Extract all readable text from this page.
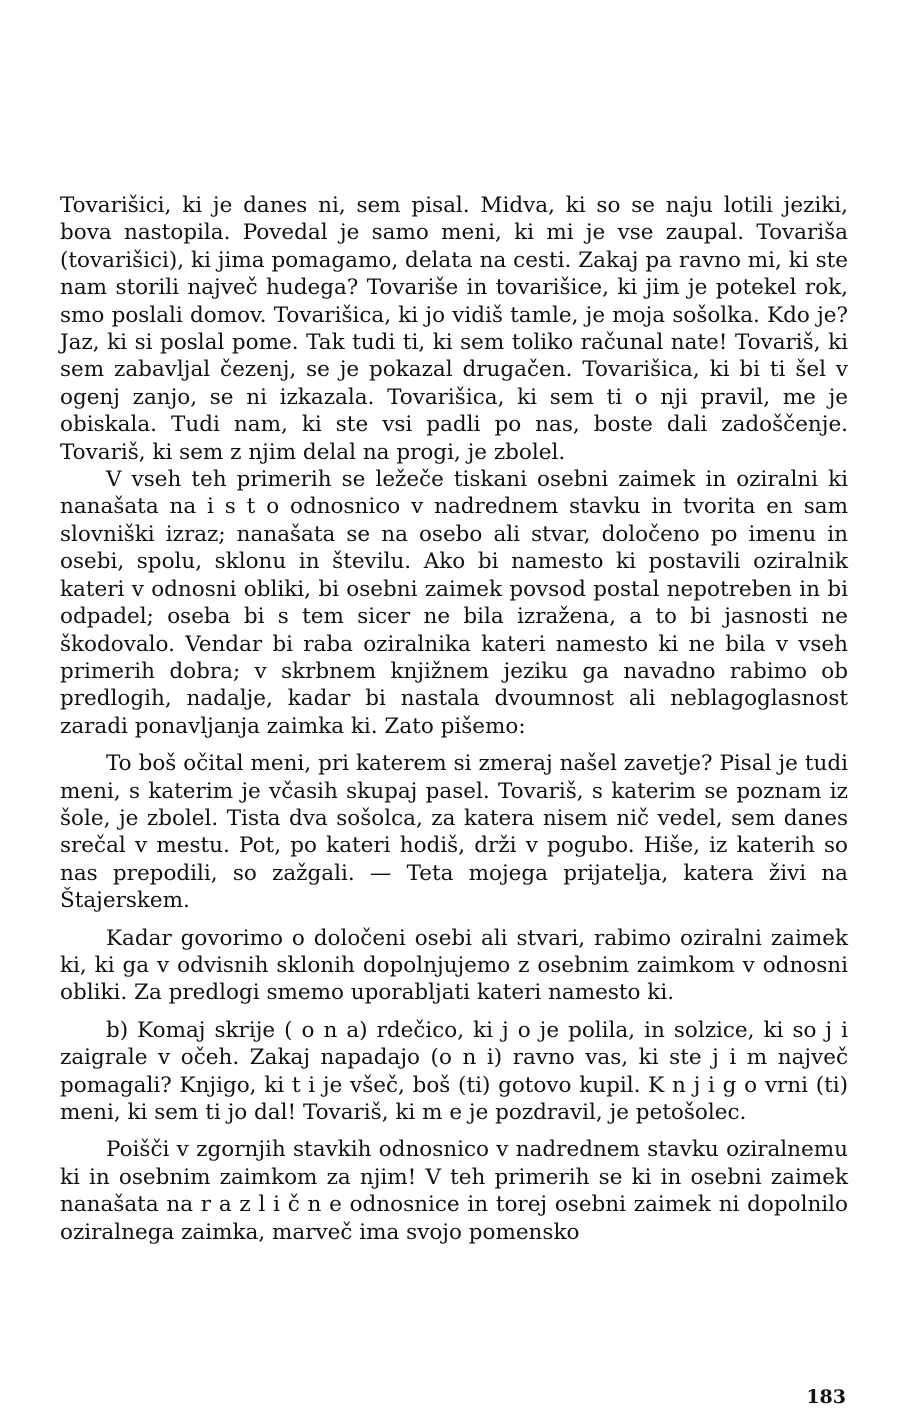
Tovarišici, ki je danes ni, sem pisal. Midva, ki so se naju lotili jeziki, bova nastopila. Povedal je samo meni, ki mi je vse zaupal. Tovariša (tovarišici), ki jima pomagamo, delata na cesti. Zakaj pa ravno mi, ki ste nam storili največ hudega? Tovariše in tovarišice, ki jim je potekel rok, smo poslali domov. Tovarišica, ki jo vidiš tamle, je moja sošolka. Kdo je? Jaz, ki si poslal pome. Tak tudi ti, ki sem toliko računal nate! Tovariš, ki sem zabavljal čezenj, se je pokazal drugačen. Tovarišica, ki bi ti šel v ogenj zanjo, se ni izkazala. Tovarišica, ki sem ti o nji pravil, me je obiskala. Tudi nam, ki ste vsi padli po nas, boste dali zadoščenje. Tovariš, ki sem z njim delal na progi, je zbolel.

V vseh teh primerih se ležeče tiskani osebni zaimek in oziralni ki nanašata na i s t o odnosnico v nadrednem stavku in tvorita en sam slovniški izraz; nanašata se na osebo ali stvar, določeno po imenu in osebi, spolu, sklonu in številu. Ako bi namesto ki postavili oziralnik kateri v odnosni obliki, bi osebni zaimek povsod postal nepotreben in bi odpadel; oseba bi s tem sicer ne bila izražena, a to bi jasnosti ne škodovalo. Vendar bi raba oziralnika kateri namesto ki ne bila v vseh primerih dobra; v skrbnem knjižnem jeziku ga navadno rabimo ob predlogih, nadalje, kadar bi nastala dvoumnost ali neblagoglasnost zaradi ponavljanja zaimka ki. Zato pišemo:

To boš očital meni, pri katerem si zmeraj našel zavetje? Pisal je tudi meni, s katerim je včasih skupaj pasel. Tovariš, s katerim se poznam iz šole, je zbolel. Tista dva sošolca, za katera nisem nič vedel, sem danes srečal v mestu. Pot, po kateri hodiš, drži v pogubo. Hiše, iz katerih so nas prepodili, so zažgali. — Teta mojega prijatelja, katera živi na Štajerskem.

Kadar govorimo o določeni osebi ali stvari, rabimo oziralni zaimek ki, ki ga v odvisnih sklonih dopolnjujemo z osebnim zaimkom v odnosni obliki. Za predlogi smemo uporabljati kateri namesto ki.

b) Komaj skrije ( o n a) rdečico, ki j o je polila, in solzice, ki so j i zaigrale v očeh. Zakaj napadajo (o n i) ravno vas, ki ste j i m največ pomagali? Knjigo, ki t i je všeč, boš (ti) gotovo kupil. K n j i g o vrni (ti) meni, ki sem ti jo dal! Tovariš, ki m e je pozdravil, je petošolec.

Poišči v zgornjih stavkih odnosnico v nadrednem stavku oziralnemu ki in osebnim zaimkom za njim! V teh primerih se ki in osebni zaimek nanašata na r a z l i č n e odnosnice in torej osebni zaimek ni dopolnilo oziralnega zaimka, marveč ima svojo pomensko

183
